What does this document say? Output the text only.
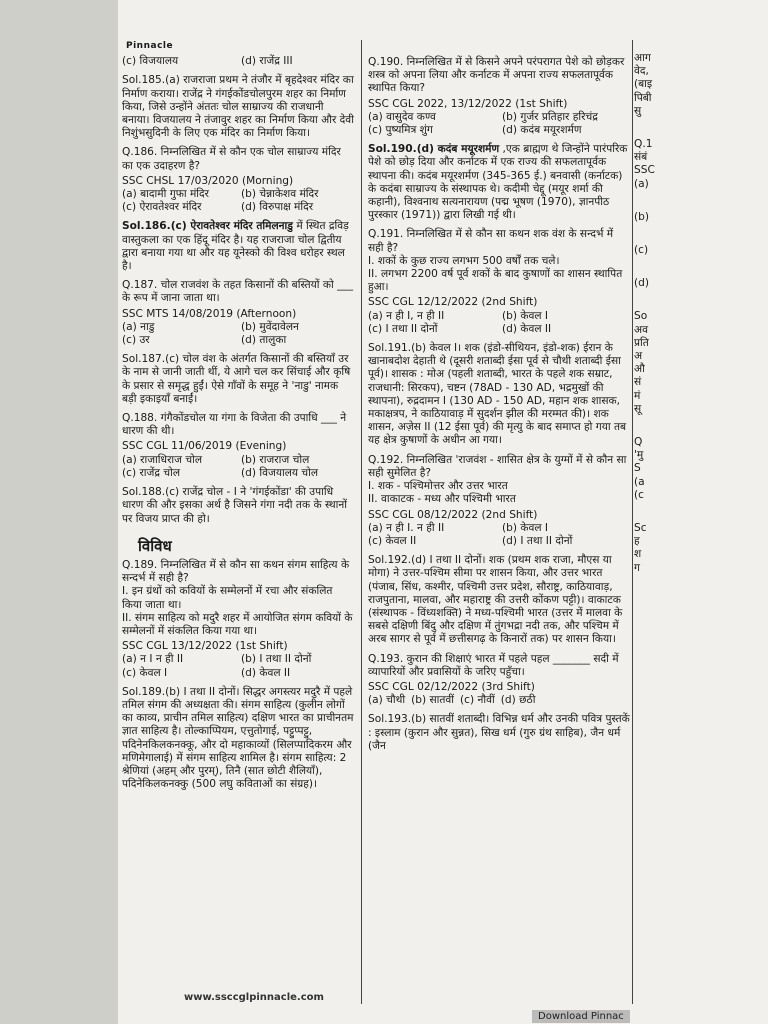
Pinnacle
(c) विजयालय	(d) राजेंद्र III
Sol.185.(a) राजराजा प्रथम ने तंजौर में बृहदेश्वर मंदिर का निर्माण कराया। राजेंद्र ने गंगईकोंडचोलपुरम शहर का निर्माण किया, जिसे उन्होंने अंततः चोल साम्राज्य की राजधानी बनाया। विजयालय ने तंजावुर शहर का निर्माण किया और देवी निशुंभसुदिनी के लिए एक मंदिर का निर्माण किया।
Q.186. निम्नलिखित में से कौन एक चोल साम्राज्य मंदिर का एक उदाहरण है?
SSC CHSL 17/03/2020 (Morning)
(a) बादामी गुफा मंदिर	(b) चेन्नाकेशव मंदिर
(c) ऐरावतेश्वर मंदिर	(d) विरुपाक्ष मंदिर
Sol.186.(c) ऐरावतेश्वर मंदिर तमिलनाडु में स्थित द्रविड़ वास्तुकला का एक हिंदू मंदिर है। यह राजराजा चोल द्वितीय द्वारा बनाया गया था और यह यूनेस्को की विश्व धरोहर स्थल है।
Q.187. चोल राजवंश के तहत किसानों की बस्तियों को ___ के रूप में जाना जाता था।
SSC MTS 14/08/2019 (Afternoon)
(a) नाडु	(b) मुवेंदावेलन
(c) उर	(d) तालुका
Sol.187.(c) चोल वंश के अंतर्गत किसानों की बस्तियाँ उर के नाम से जानी जाती थीं, ये आगे चल कर सिंचाई और कृषि के प्रसार से समृद्ध हुईं। ऐसे गाँवों के समूह ने 'नाडु' नामक बड़ी इकाइयाँ बनाईं।
Q.188. गंगैकोंडचोल या गंगा के विजेता की उपाधि ___ ने धारण की थी।
SSC CGL 11/06/2019 (Evening)
(a) राजाधिराज चोल	(b) राजराज चोल
(c) राजेंद्र चोल	(d) विजयालय चोल
Sol.188.(c) राजेंद्र चोल - I ने 'गंगईकोंडा' की उपाधि धारण की और इसका अर्थ है जिसने गंगा नदी तक के स्थानों पर विजय प्राप्त की हो।
विविध
Q.189. निम्नलिखित में से कौन सा कथन संगम साहित्य के सन्दर्भ में सही है?
I. इन ग्रंथों को कवियों के सम्मेलनों में रचा और संकलित किया जाता था।
II. संगम साहित्य को मदुरै शहर में आयोजित संगम कवियों के सम्मेलनों में संकलित किया गया था।
SSC CGL 13/12/2022 (1st Shift)
(a) न I न ही II	(b) I तथा II दोनों
(c) केवल I	(d) केवल II
Sol.189.(b) I तथा II दोनों। सिद्धर अगस्त्यर मदुरै में पहले तमिल संगम की अध्यक्षता की। संगम साहित्य (कुलीन लोगों का काव्य, प्राचीन तमिल साहित्य) दक्षिण भारत का प्राचीनतम ज्ञात साहित्य है। तोल्काप्पियम, एत्तुतोगाई, पट्टुप्पट्टु, पदिनेनकिलकनक्कू, और दो महाकाव्यों (सिलप्पादिकरम और मणिमेगालाई) में संगम साहित्य शामिल है। संगम साहित्य: 2 श्रेणियां (अहम् और पुरम्), तिनै (सात छोटी शैलियाँ), पदिनेकिलकनक्कु (500 लघु कविताओं का संग्रह)।
Q.190. निम्नलिखित में से किसने अपने परंपरागत पेशे को छोड़कर शस्त्र को अपना लिया और कर्नाटक में अपना राज्य सफलतापूर्वक स्थापित किया?
SSC CGL 2022, 13/12/2022 (1st Shift)
(a) वासुदेव कण्व	(b) गुर्जर प्रतिहार हरिचंद्र
(c) पुष्यमित्र शुंग	(d) कदंब मयूरशर्मण
Sol.190.(d) कदंब मयूरशर्मण ,एक ब्राह्मण थे जिन्होंने पारंपरिक पेशे को छोड़ दिया और कर्नाटक में एक राज्य की सफलतापूर्वक स्थापना की। कदंब मयूरशर्मण (345-365 ई.) बनवासी (कर्नाटक) के कदंबा साम्राज्य के संस्थापक थे। कदीमी चेद्दू (मयूर शर्मा की कहानी), विश्वनाथ सत्यनारायण (पद्म भूषण (1970), ज्ञानपीठ पुरस्कार (1971)) द्वारा लिखी गई थी।
Q.191. निम्नलिखित में से कौन सा कथन शक वंश के सन्दर्भ में सही है?
I. शकों के कुछ राज्य लगभग 500 वर्षों तक चले।
II. लगभग 2200 वर्ष पूर्व शकों के बाद कुषाणों का शासन स्थापित हुआ।
SSC CGL 12/12/2022 (2nd Shift)
(a) न ही I, न ही II	(b) केवल I
(c) I तथा II दोनों	(d) केवल II
Sol.191.(b) केवल I। शक (इंडो-सीथियन, इंडो-शक) ईरान के खानाबदोश देहाती थे (दूसरी शताब्दी ईसा पूर्व से चौथी शताब्दी ईसा पूर्व)। शासक : मोअ (पहली शताब्दी, भारत के पहले शक सम्राट, राजधानी: सिरकप), चष्टन (78AD - 130 AD, भद्रमुखों की स्थापना), रुद्रदामन I (130 AD - 150 AD, महान शक शासक, मकाक्षत्रप, ने काठियावाड़ में सुदर्शन झील की मरम्मत की)। शक शासन, अज़ेस II (12 ईसा पूर्व) की मृत्यु के बाद समाप्त हो गया तब यह क्षेत्र कुषाणों के अधीन आ गया।
Q.192. निम्नलिखित 'राजवंश - शासित क्षेत्र के युग्मों में से कौन सा सही सुमेलित है?
I. शक - पश्चिमोत्तर और उत्तर भारत
II. वाकाटक - मध्य और पश्चिमी भारत
SSC CGL 08/12/2022 (2nd Shift)
(a) न ही I. न ही II	(b) केवल I
(c) केवल II	(d) I तथा II दोनों
Sol.192.(d) I तथा II दोनों। शक (प्रथम शक राजा, मौएस या मोगा) ने उत्तर-पश्चिम सीमा पर शासन किया, और उत्तर भारत (पंजाब, सिंध, कश्मीर, पश्चिमी उत्तर प्रदेश, सौराष्ट्र, काठियावाड़, राजपुताना, मालवा, और महाराष्ट्र की उत्तरी कोंकण पट्टी)। वाकाटक (संस्थापक - विंध्यशक्ति) ने मध्य-पश्चिमी भारत (उत्तर में मालवा के सबसे दक्षिणी बिंदु और दक्षिण में तुंगभद्रा नदी तक, और पश्चिम में अरब सागर से पूर्व में छत्तीसगढ़ के किनारों तक) पर शासन किया।
Q.193. कुरान की शिक्षाएं भारत में पहले पहल _______ सदी में व्यापारियों और प्रवासियों के जरिए पहुँचा।
SSC CGL 02/12/2022 (3rd Shift)
(a) चौथी (b) सातवीं (c) नौवीं (d) छठी
Sol.193.(b) सातवीं शताब्दी। विभिन्न धर्म और उनकी पवित्र पुस्तकें : इस्लाम (कुरान और सुन्नत), सिख धर्म (गुरु ग्रंथ साहिब), जैन धर्म (जैन
आग
वेद,
(बाइ
पिबी
सु
Q.1
संबं
SSC
(a)
(b)
(c)
(d)
So
अव
प्रति
अ
औ
सं
मं
सू
Q
'मु
S
(a
(c
Sc
ह
श
ग
www.ssccglpinnacle.com
Download Pinnac
